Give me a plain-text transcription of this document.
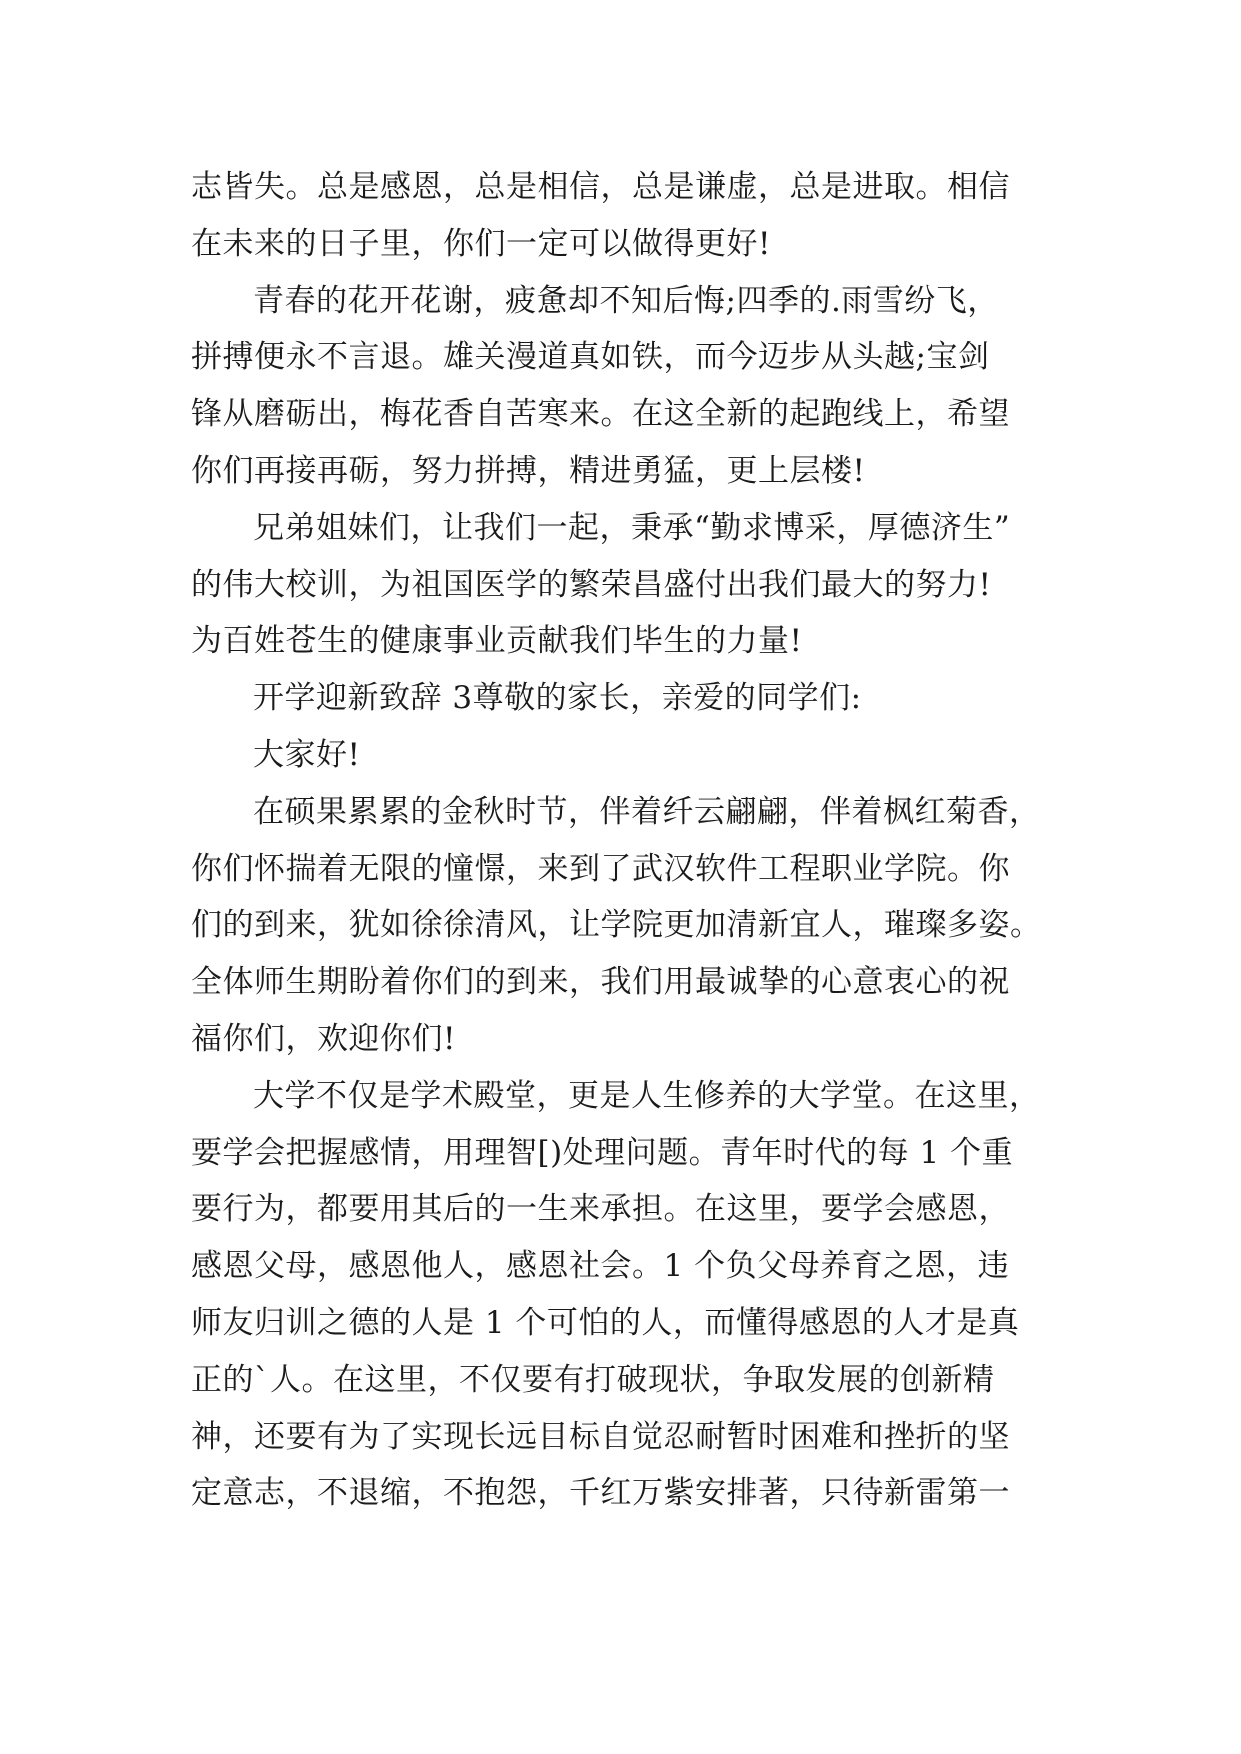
志皆失。总是感恩，总是相信，总是谦虚，总是进取。相信
在未来的日子里，你们一定可以做得更好!
青春的花开花谢，疲惫却不知后悔;四季的.雨雪纷飞，
拼搏便永不言退。雄关漫道真如铁，而今迈步从头越;宝剑
锋从磨砺出，梅花香自苦寒来。在这全新的起跑线上，希望
你们再接再砺，努力拼搏，精进勇猛，更上层楼!
兄弟姐妹们，让我们一起，秉承“勤求博采，厚德济生”
的伟大校训，为祖国医学的繁荣昌盛付出我们最大的努力!
为百姓苍生的健康事业贡献我们毕生的力量!
开学迎新致辞 3尊敬的家长，亲爱的同学们:
大家好!
在硕果累累的金秋时节，伴着纤云翩翩，伴着枫红菊香，
你们怀揣着无限的憧憬，来到了武汉软件工程职业学院。你
们的到来，犹如徐徐清风，让学院更加清新宜人，璀璨多姿。
全体师生期盼着你们的到来，我们用最诚挚的心意衷心的祝
福你们，欢迎你们!
大学不仅是学术殿堂，更是人生修养的大学堂。在这里，
要学会把握感情，用理智[)处理问题。青年时代的每 1 个重
要行为，都要用其后的一生来承担。在这里，要学会感恩，
感恩父母，感恩他人，感恩社会。1 个负父母养育之恩，违
师友归训之德的人是 1 个可怕的人，而懂得感恩的人才是真
正的`人。在这里，不仅要有打破现状，争取发展的创新精
神，还要有为了实现长远目标自觉忍耐暂时困难和挫折的坚
定意志，不退缩，不抱怨，千红万紫安排著，只待新雷第一
